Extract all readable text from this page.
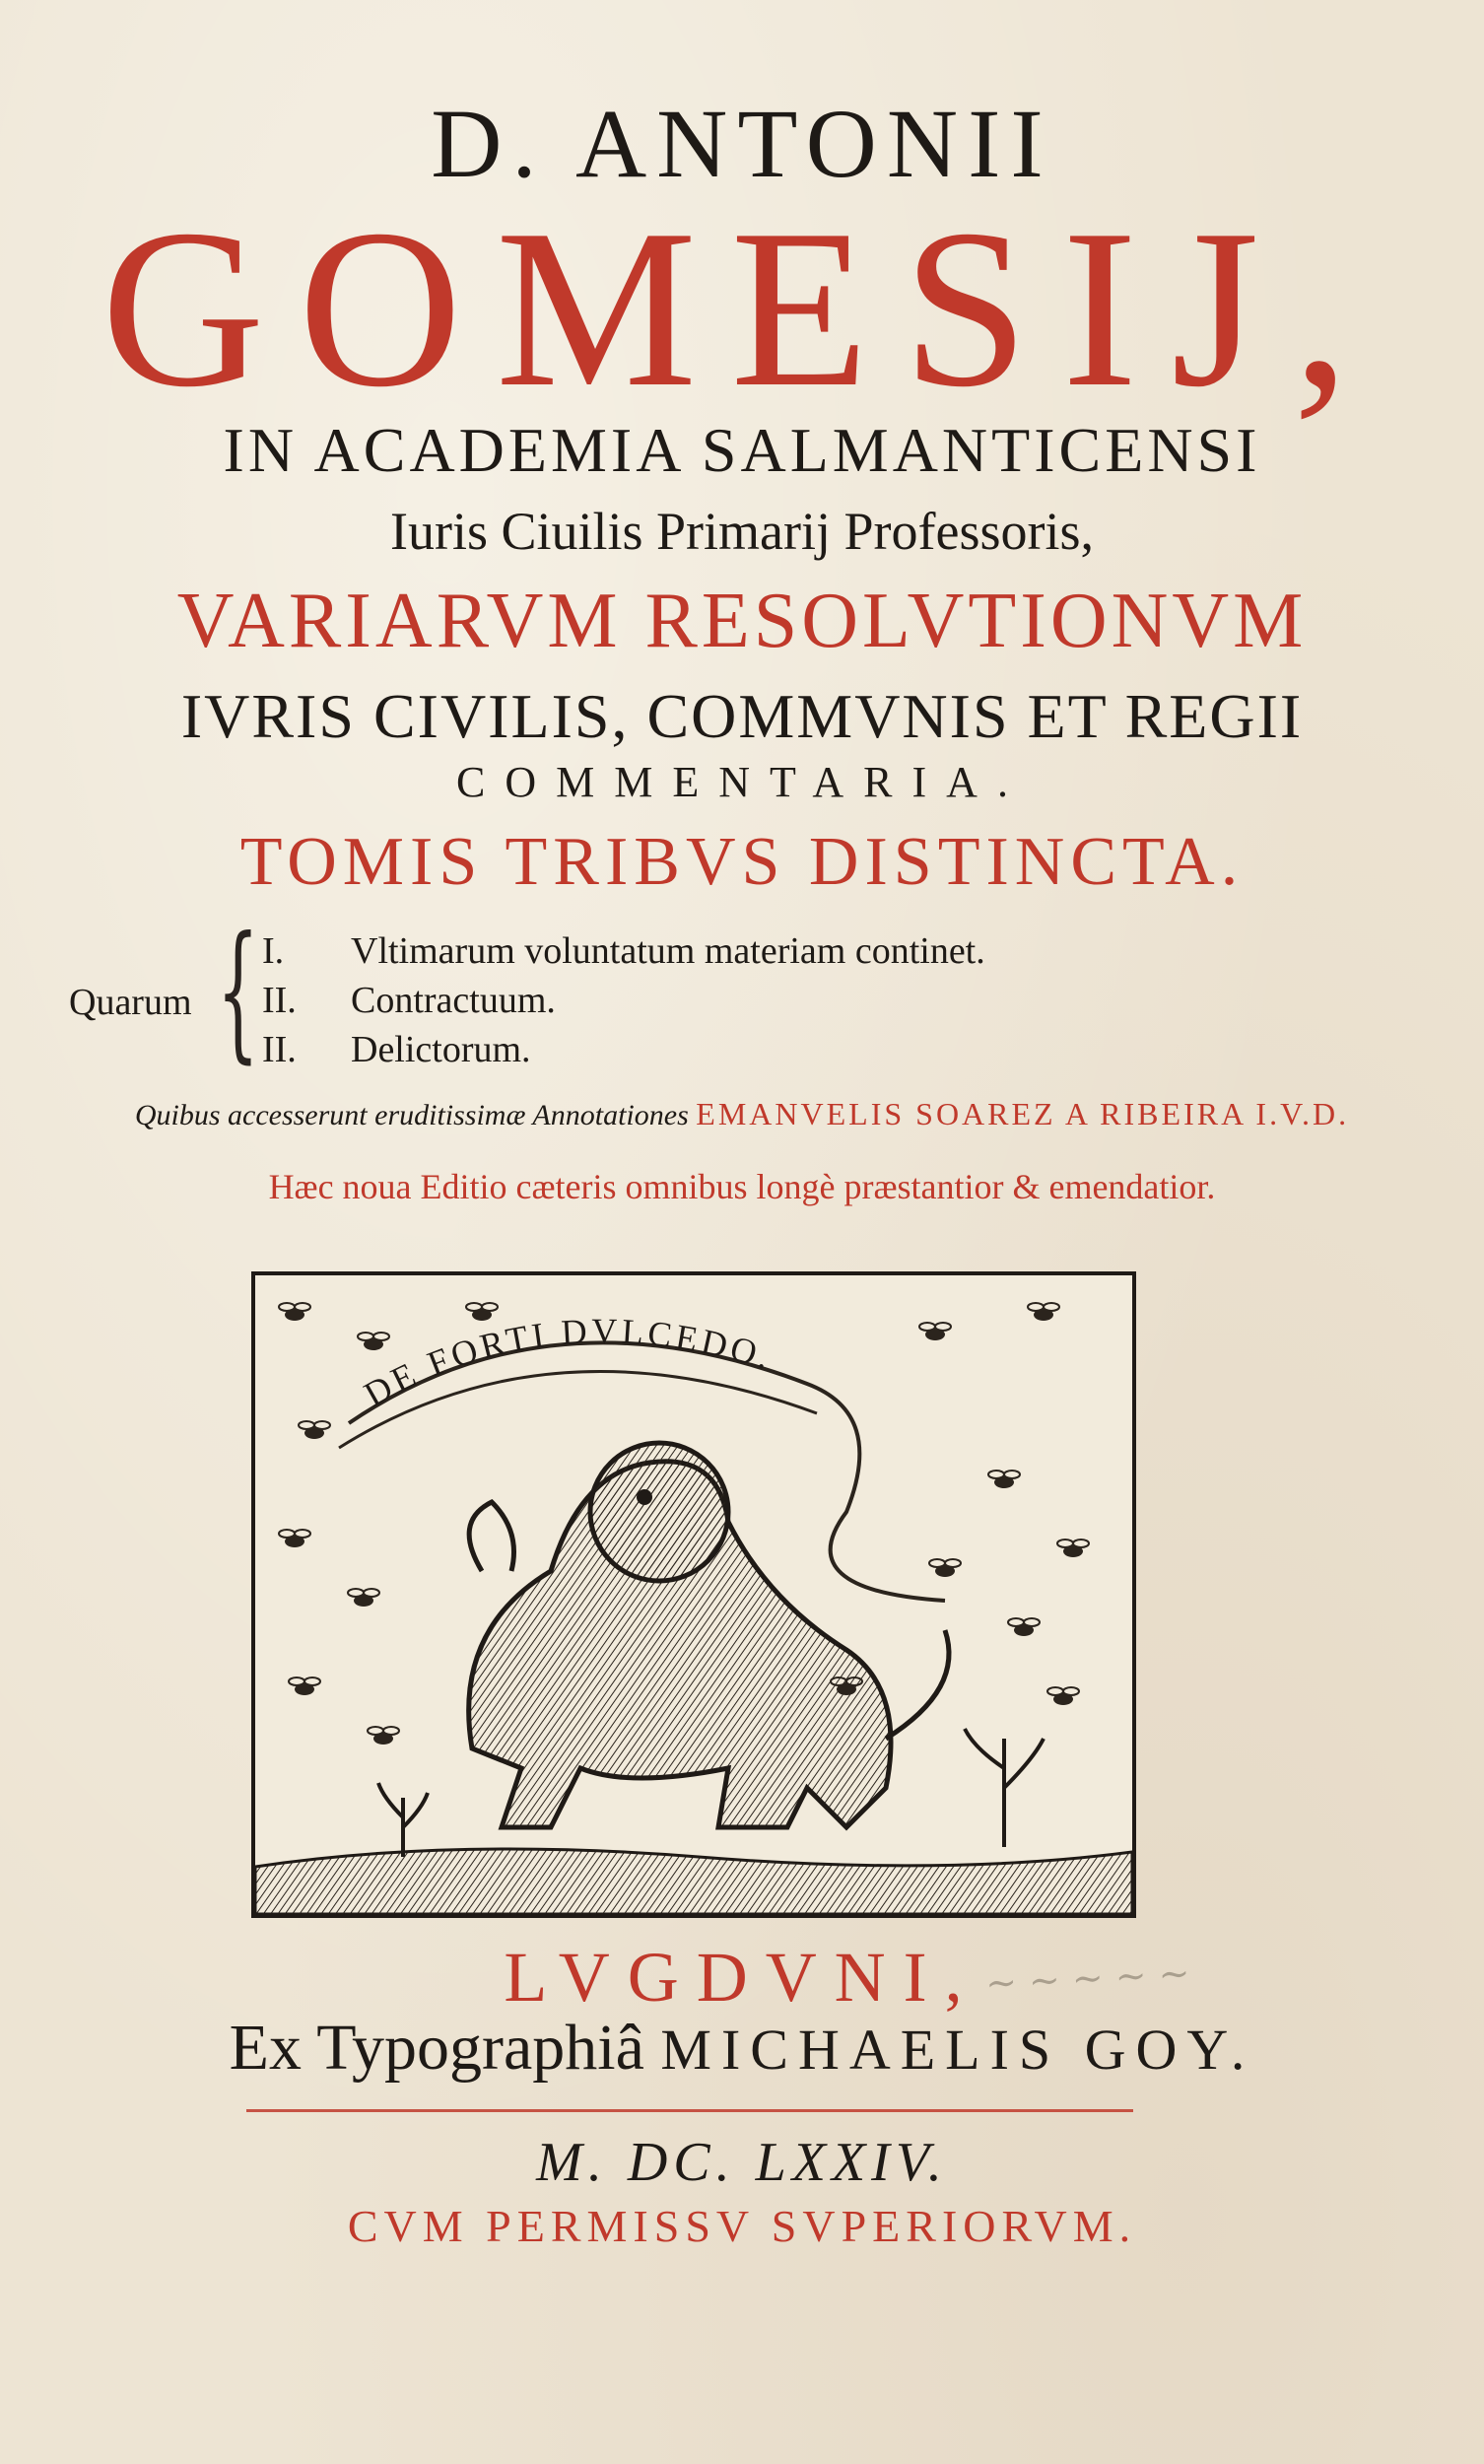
D. ANTONII
GOMESIJ,
IN ACADEMIA SALMANTICENSI
Iuris Ciuilis Primarij Professoris,
VARIARVM RESOLVTIONVM
IVRIS CIVILIS, COMMVNIS ET REGII
COMMENTARIA.
TOMIS TRIBVS DISTINCTA.
Quarum { I. Vltimarum voluntatum materiam continet.
II. Contractuum.
II. Delictorum.
Quibus accesserunt eruditissimæ Annotationes EMANVELIS SOAREZ A RIBEIRA I.V.D.
Hæc noua Editio cæteris omnibus longè præstantior & emendatior.
DE FORTI DVLCEDO.
LVGDVNI,
Ex Typographiâ MICHAELIS GOY.
M. DC. LXXIV.
CVM PERMISSV SVPERIORVM.
~ ~ ~ ~ ~
